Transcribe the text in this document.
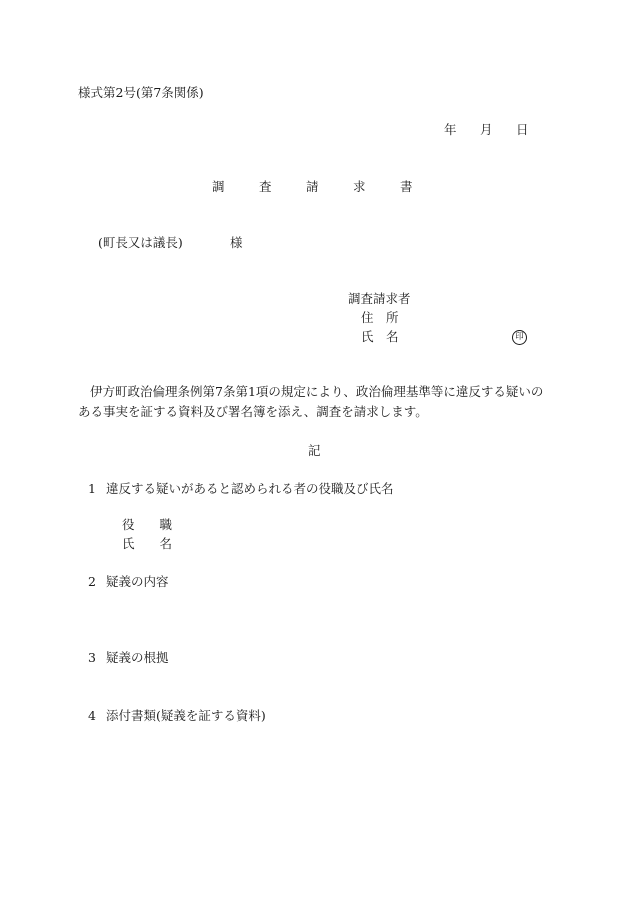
様式第2号(第7条関係)
年 月 日
調	査	請	求	書
(町長又は議長)	様
調査請求者
住　所
氏　名	印
伊方町政治倫理条例第7条第1項の規定により、政治倫理基準等に違反する疑いのある事実を証する資料及び署名簿を添え、調査を請求します。
記
1 違反する疑いがあると認められる者の役職及び氏名
役　　職
氏　　名
2 疑義の内容
3 疑義の根拠
4 添付書類(疑義を証する資料)
